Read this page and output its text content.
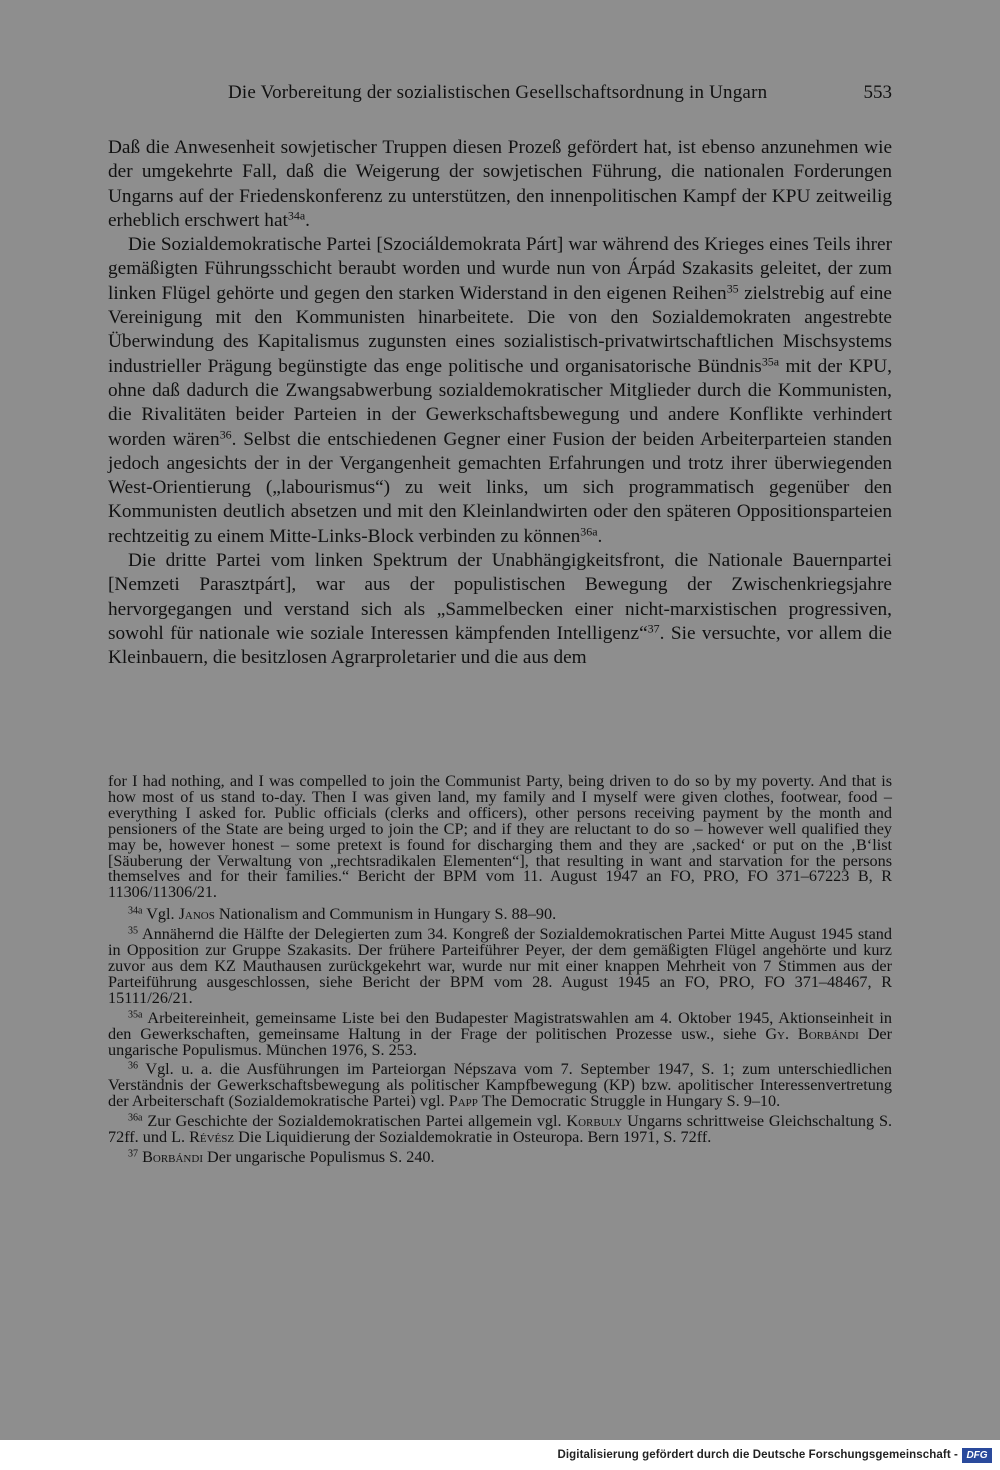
Die Vorbereitung der sozialistischen Gesellschaftsordnung in Ungarn	553

Daß die Anwesenheit sowjetischer Truppen diesen Prozeß gefördert hat, ist ebenso anzunehmen wie der umgekehrte Fall, daß die Weigerung der sowjetischen Führung, die nationalen Forderungen Ungarns auf der Friedenskonferenz zu unterstützen, den innenpolitischen Kampf der KPU zeitweilig erheblich erschwert hat$^{34a}$.

Die Sozialdemokratische Partei [Szociáldemokrata Párt] war während des Krieges eines Teils ihrer gemäßigten Führungsschicht beraubt worden und wurde nun von Árpád Szakasits geleitet, der zum linken Flügel gehörte und gegen den starken Widerstand in den eigenen Reihen$^{35}$ zielstrebig auf eine Vereinigung mit den Kommunisten hinarbeitete. Die von den Sozialdemokraten angestrebte Überwindung des Kapitalismus zugunsten eines sozialistisch-privatwirtschaftlichen Mischsystems industrieller Prägung begünstigte das enge politische und organisatorische Bündnis$^{35a}$ mit der KPU, ohne daß dadurch die Zwangsabwerbung sozialdemokratischer Mitglieder durch die Kommunisten, die Rivalitäten beider Parteien in der Gewerkschaftsbewegung und andere Konflikte verhindert worden wären$^{36}$. Selbst die entschiedenen Gegner einer Fusion der beiden Arbeiterparteien standen jedoch angesichts der in der Vergangenheit gemachten Erfahrungen und trotz ihrer überwiegenden West-Orientierung („labourismus“) zu weit links, um sich programmatisch gegenüber den Kommunisten deutlich absetzen und mit den Kleinlandwirten oder den späteren Oppositionsparteien rechtzeitig zu einem Mitte-Links-Block verbinden zu können$^{36a}$.

Die dritte Partei vom linken Spektrum der Unabhängigkeitsfront, die Nationale Bauernpartei [Nemzeti Parasztpárt], war aus der populistischen Bewegung der Zwischenkriegsjahre hervorgegangen und verstand sich als „Sammelbecken einer nicht-marxistischen progressiven, sowohl für nationale wie soziale Interessen kämpfenden Intelligenz“$^{37}$. Sie versuchte, vor allem die Kleinbauern, die besitzlosen Agrarproletarier und die aus dem

for I had nothing, and I was compelled to join the Communist Party, being driven to do so by my poverty. And that is how most of us stand to-day. Then I was given land, my family and I myself were given clothes, footwear, food – everything I asked for. Public officials (clerks and officers), other persons receiving payment by the month and pensioners of the State are being urged to join the CP; and if they are reluctant to do so – however well qualified they may be, however honest – some pretext is found for discharging them and they are ‚sacked‘ or put on the ‚B‘list [Säuberung der Verwaltung von „rechtsradikalen Elementen“], that resulting in want and starvation for the persons themselves and for their families.“ Bericht der BPM vom 11. August 1947 an FO, PRO, FO 371–67223 B, R 11306/11306/21.

$^{34a}$ Vgl. Janos Nationalism and Communism in Hungary S. 88–90.

$^{35}$ Annähernd die Hälfte der Delegierten zum 34. Kongreß der Sozialdemokratischen Partei Mitte August 1945 stand in Opposition zur Gruppe Szakasits. Der frühere Parteiführer Peyer, der dem gemäßigten Flügel angehörte und kurz zuvor aus dem KZ Mauthausen zurückgekehrt war, wurde nur mit einer knappen Mehrheit von 7 Stimmen aus der Parteiführung ausgeschlossen, siehe Bericht der BPM vom 28. August 1945 an FO, PRO, FO 371–48467, R 15111/26/21.

$^{35a}$ Arbeitereinheit, gemeinsame Liste bei den Budapester Magistratswahlen am 4. Oktober 1945, Aktionseinheit in den Gewerkschaften, gemeinsame Haltung in der Frage der politischen Prozesse usw., siehe Gy. Borbándi Der ungarische Populismus. München 1976, S. 253.

$^{36}$ Vgl. u. a. die Ausführungen im Parteiorgan Népszava vom 7. September 1947, S. 1; zum unterschiedlichen Verständnis der Gewerkschaftsbewegung als politischer Kampfbewegung (KP) bzw. apolitischer Interessenvertretung der Arbeiterschaft (Sozialdemokratische Partei) vgl. Papp The Democratic Struggle in Hungary S. 9–10.

$^{36a}$ Zur Geschichte der Sozialdemokratischen Partei allgemein vgl. Korbuly Ungarns schrittweise Gleichschaltung S. 72ff. und L. Révész Die Liquidierung der Sozialdemokratie in Osteuropa. Bern 1971, S. 72ff.

$^{37}$ Borbándi Der ungarische Populismus S. 240.

Digitalisierung gefördert durch die Deutsche Forschungsgemeinschaft - DFG
